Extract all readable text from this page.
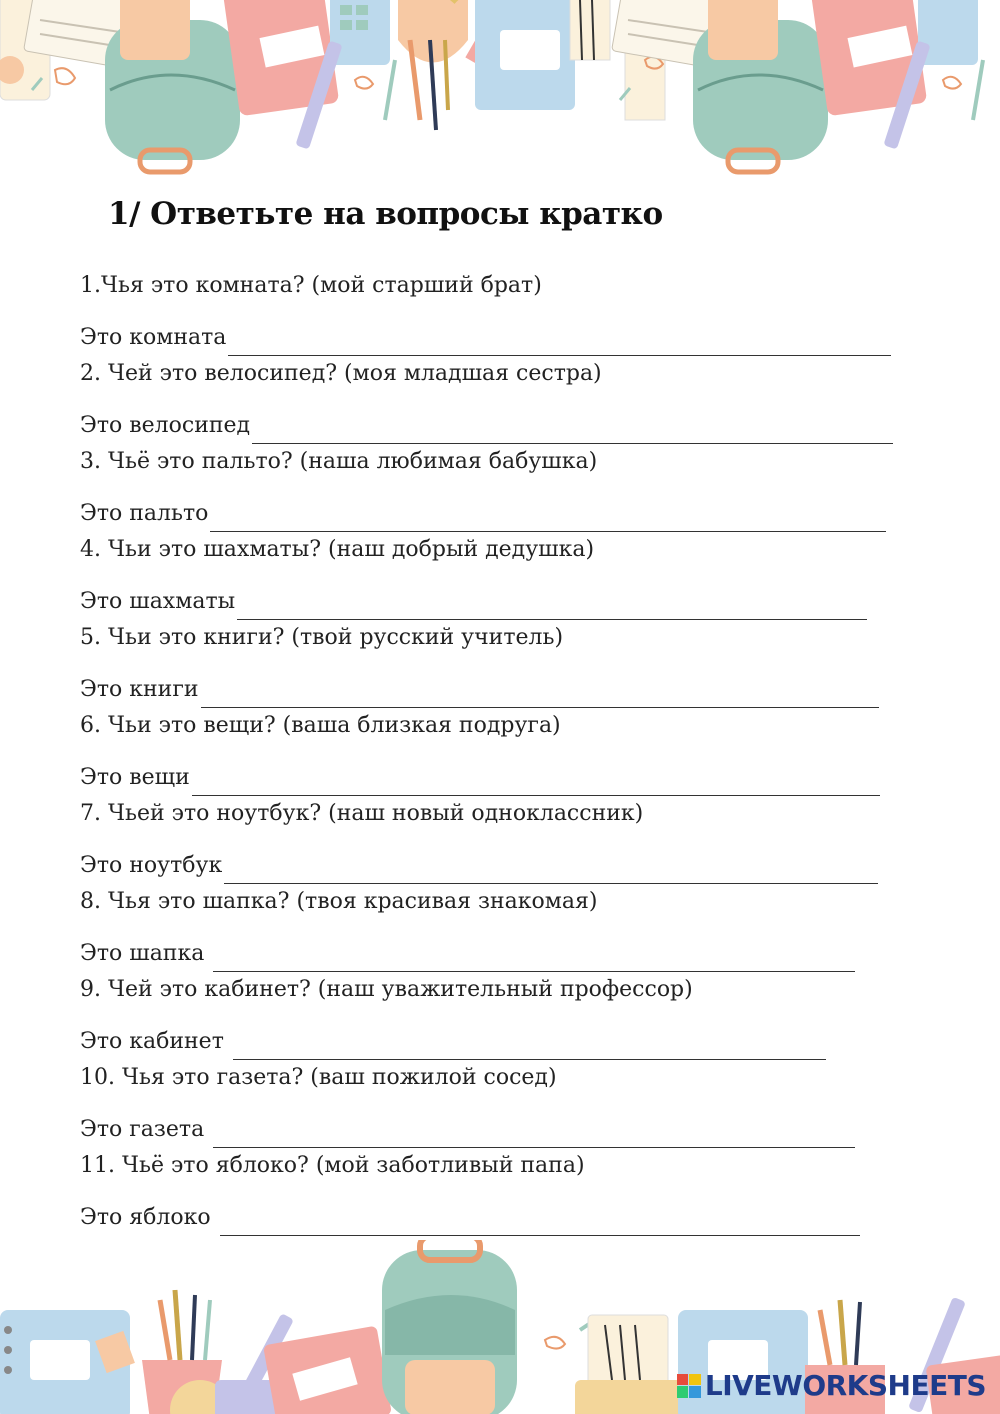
1/ Ответьте на вопросы кратко
1.Чья это комната? (мой старший брат)
Это комната
2. Чей это велосипед? (моя младшая сестра)
Это велосипед
3. Чьё это пальто? (наша любимая бабушка)
Это пальто
4. Чьи это шахматы? (наш добрый дедушка)
Это шахматы
5. Чьи это книги? (твой русский учитель)
Это книги
6. Чьи это вещи? (ваша близкая подруга)
Это вещи
7. Чьей это ноутбук? (наш новый одноклассник)
Это ноутбук
8. Чья это шапка? (твоя красивая знакомая)
Это шапка
9. Чей это кабинет? (наш уважительный профессор)
Это кабинет
10. Чья это газета? (ваш пожилой сосед)
Это газета
11. Чьё это яблоко? (мой заботливый папа)
Это яблоко
LIVEWORKSHEETS
